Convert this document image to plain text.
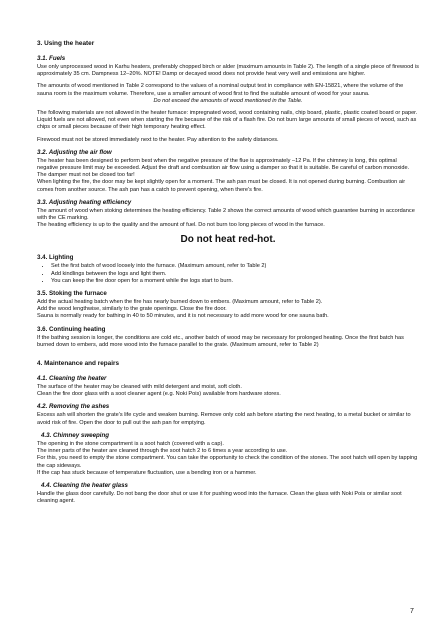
3. Using the heater
3.1. Fuels

Use only unprocessed wood in Karhu heaters, preferably chopped birch or alder (maximum amounts in Table 2). The length of a single piece of firewood is approximately 35 cm. Dampness 12–20%. NOTE! Damp or decayed wood does not provide heat very well and emissions are higher.

The amounts of wood mentioned in Table 2 correspond to the values of a nominal output test in compliance with EN-15821, where the volume of the sauna room is the maximum volume. Therefore, use a smaller amount of wood first to find the suitable amount of wood for your sauna.

Do not exceed the amounts of wood mentioned in the Table.

The following materials are not allowed in the heater furnace: impregnated wood, wood containing nails, chip board, plastic, plastic coated board or paper. Liquid fuels are not allowed, not even when starting the fire because of the risk of a flash fire. Do not burn large amounts of small pieces of wood, such as chips or small pieces because of their high temporary heating effect.

Firewood must not be stored immediately next to the heater. Pay attention to the safety distances.

3.2. Adjusting the air flow

The heater has been designed to perform best when the negative pressure of the flue is approximately –12 Pa. If the chimney is long, this optimal negative pressure limit may be exceeded. Adjust the draft and combustion air flow using a damper so that it is suitable. Be careful of carbon monoxide. The damper must not be closed too far!

When lighting the fire, the door may be kept slightly open for a moment. The ash pan must be closed. It is not opened during burning. Combustion air comes from another source. The ash pan has a catch to prevent opening, when there's fire.

3.3. Adjusting heating efficiency

The amount of wood when stoking determines the heating efficiency. Table 2 shows the correct amounts of wood which guarantee burning in accordance with the CE marking.

The heating efficiency is up to the quality and the amount of fuel. Do not burn too long pieces of wood in the furnace.

Do not heat red-hot.
3.4. Lighting
• Set the first batch of wood loosely into the furnace. (Maximum amount, refer to Table 2)
• Add kindlings between the logs and light them.
• You can keep the fire door open for a moment while the logs start to burn.
3.5. Stoking the furnace

Add the actual heating batch when the fire has nearly burned down to embers. (Maximum amount, refer to Table 2).

Add the wood lengthwise, similarly to the grate openings. Close the fire door.

Sauna is normally ready for bathing in 40 to 50 minutes, and it is not necessary to add more wood for one sauna bath.

3.6. Continuing heating

If the bathing session is longer, the conditions are cold etc., another batch of wood may be necessary for prolonged heating. Once the first batch has burned down to embers, add more wood into the furnace parallel to the grate. (Maximum amount, refer to Table 2)

4. Maintenance and repairs
4.1. Cleaning the heater

The surface of the heater may be cleaned with mild detergent and moist, soft cloth.

Clean the fire door glass with a soot cleaner agent (e.g. Noki Pois) available from hardware stores.

4.2. Removing the ashes

Excess ash will shorten the grate's life cycle and weaken burning. Remove only cold ash before starting the next heating, to a metal bucket or similar to avoid risk of fire. Open the door to pull out the ash pan for emptying.

4.3. Chimney sweeping

The opening in the stone compartment is a soot hatch (covered with a cap).

The inner parts of the heater are cleaned through the soot hatch 2 to 6 times a year according to use.

For this, you need to empty the stone compartment. You can take the opportunity to check the condition of the stones. The soot hatch will open by tapping the cap sideways.

If the cap has stuck because of temperature fluctuation, use a bending iron or a hammer.

4.4. Cleaning the heater glass

Handle the glass door carefully. Do not bang the door shut or use it for pushing wood into the furnace. Clean the glass with Noki Pois or similar soot cleaning agent.

7
